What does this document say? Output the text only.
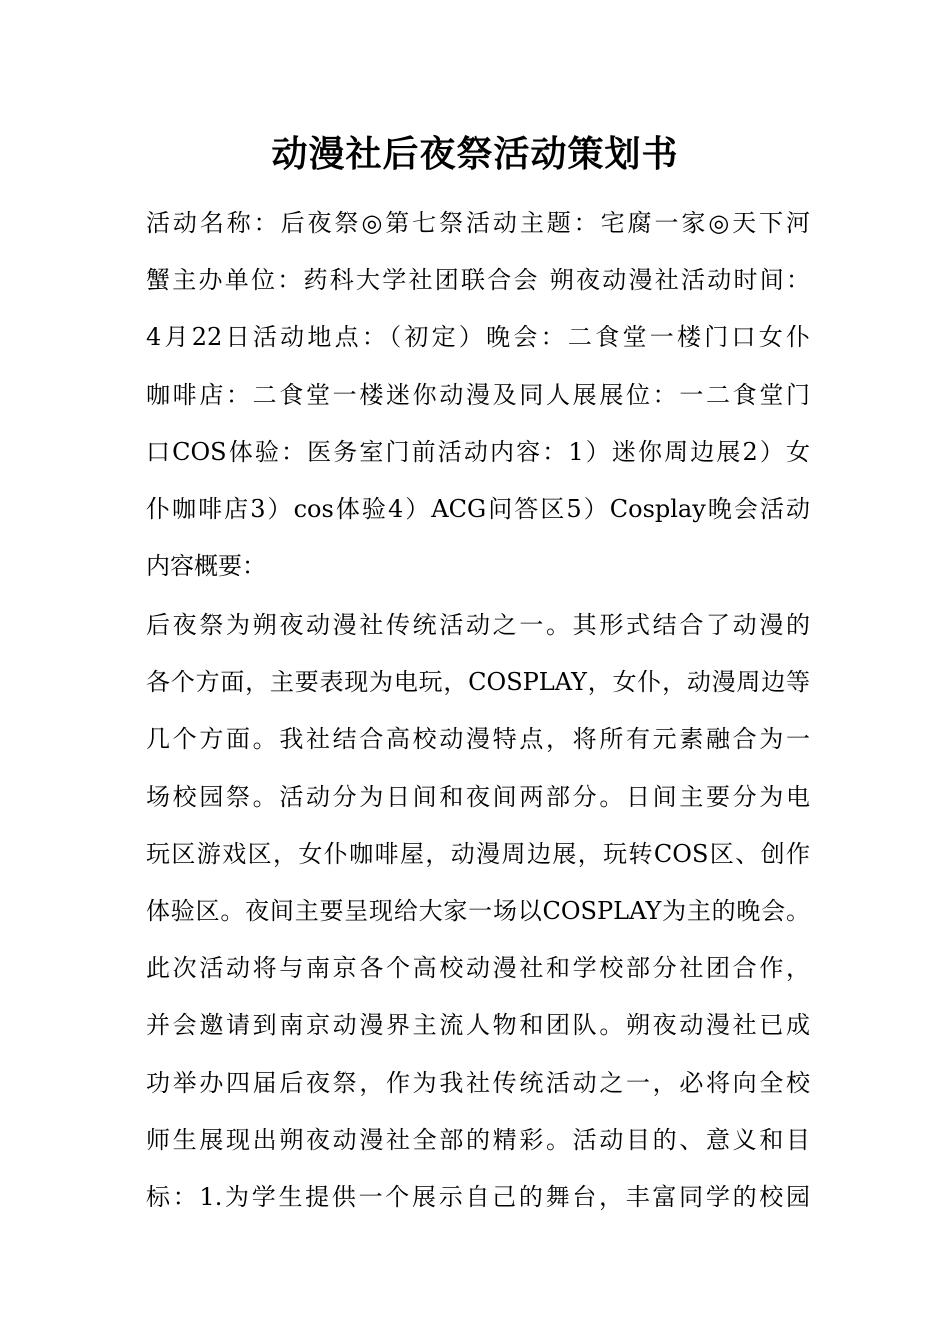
动漫社后夜祭活动策划书
活动名称：后夜祭◎第七祭活动主题：宅腐一家◎天下河
蟹主办单位：药科大学社团联合会 朔夜动漫社活动时间：
4月22日活动地点：（初定）晚会：二食堂一楼门口女仆
咖啡店：二食堂一楼迷你动漫及同人展展位：一二食堂门
口COS体验：医务室门前活动内容：1）迷你周边展2）女
仆咖啡店3）cos体验4）ACG问答区5）Cosplay晚会活动
内容概要：
后夜祭为朔夜动漫社传统活动之一。其形式结合了动漫的
各个方面，主要表现为电玩，COSPLAY，女仆，动漫周边等
几个方面。我社结合高校动漫特点，将所有元素融合为一
场校园祭。活动分为日间和夜间两部分。日间主要分为电
玩区游戏区，女仆咖啡屋，动漫周边展，玩转COS区、创作
体验区。夜间主要呈现给大家一场以COSPLAY为主的晚会。
此次活动将与南京各个高校动漫社和学校部分社团合作，
并会邀请到南京动漫界主流人物和团队。朔夜动漫社已成
功举办四届后夜祭，作为我社传统活动之一，必将向全校
师生展现出朔夜动漫社全部的精彩。活动目的、意义和目
标：1.为学生提供一个展示自己的舞台，丰富同学的校园
